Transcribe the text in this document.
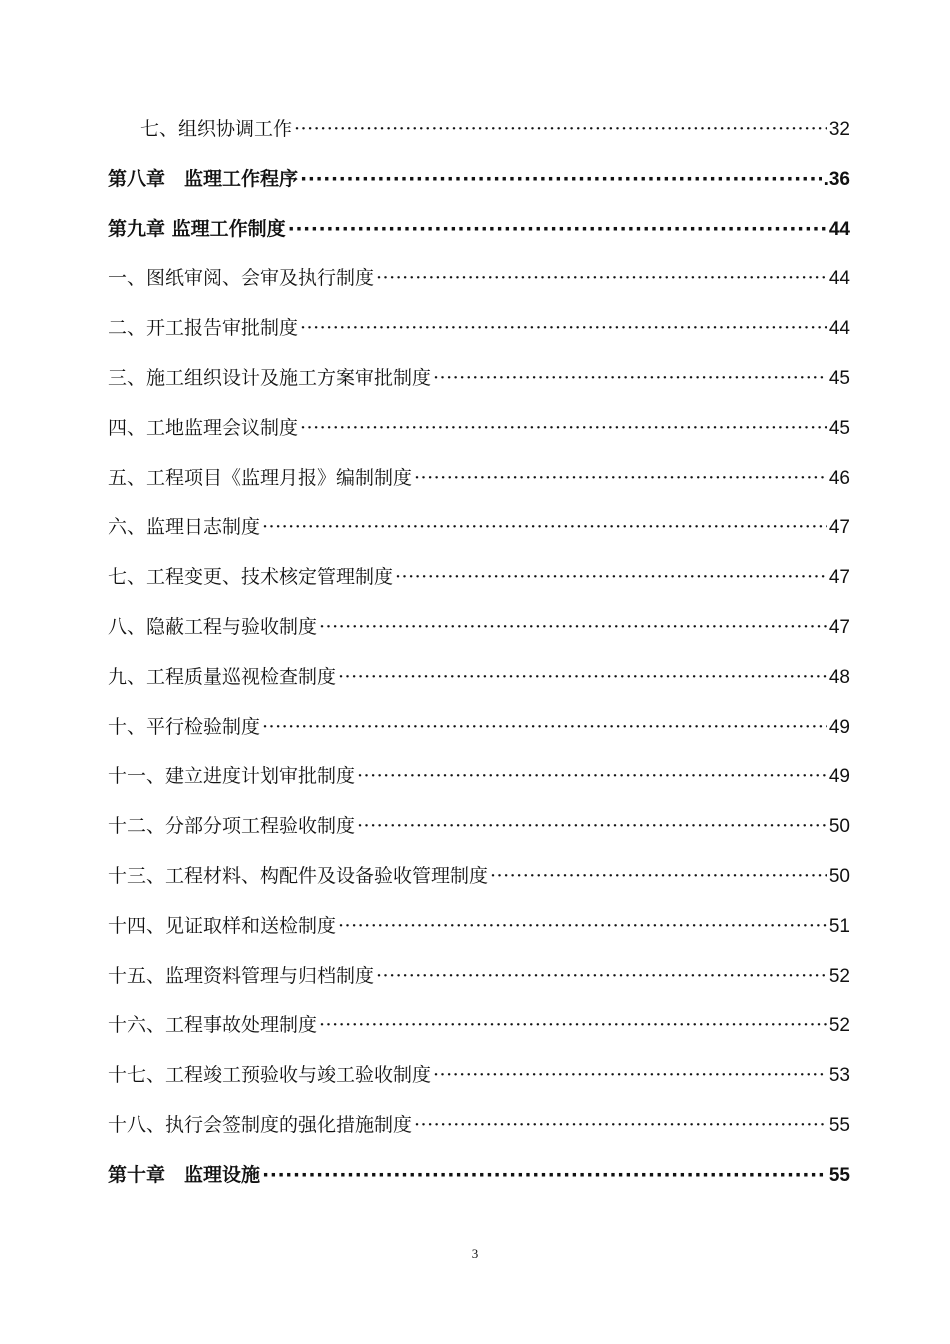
七、组织协调工作 ·····	32
第八章　监理工作程序 ·····	.36
第九章 监理工作制度 ·····	44
一、图纸审阅、会审及执行制度 ·····	44
二、开工报告审批制度 ·····	44
三、施工组织设计及施工方案审批制度 ·····	45
四、工地监理会议制度 ·····	45
五、工程项目《监理月报》编制制度 ·····	46
六、监理日志制度 ·····	47
七、工程变更、技术核定管理制度 ·····	47
八、隐蔽工程与验收制度 ·····	47
九、工程质量巡视检查制度 ·····	48
十、平行检验制度 ·····	49
十一、建立进度计划审批制度 ·····	49
十二、分部分项工程验收制度 ·····	50
十三、工程材料、构配件及设备验收管理制度 ·····	50
十四、见证取样和送检制度 ·····	51
十五、监理资料管理与归档制度 ·····	52
十六、工程事故处理制度 ·····	52
十七、工程竣工预验收与竣工验收制度 ·····	53
十八、执行会签制度的强化措施制度 ·····	55
第十章　监理设施 ·····	55
3
